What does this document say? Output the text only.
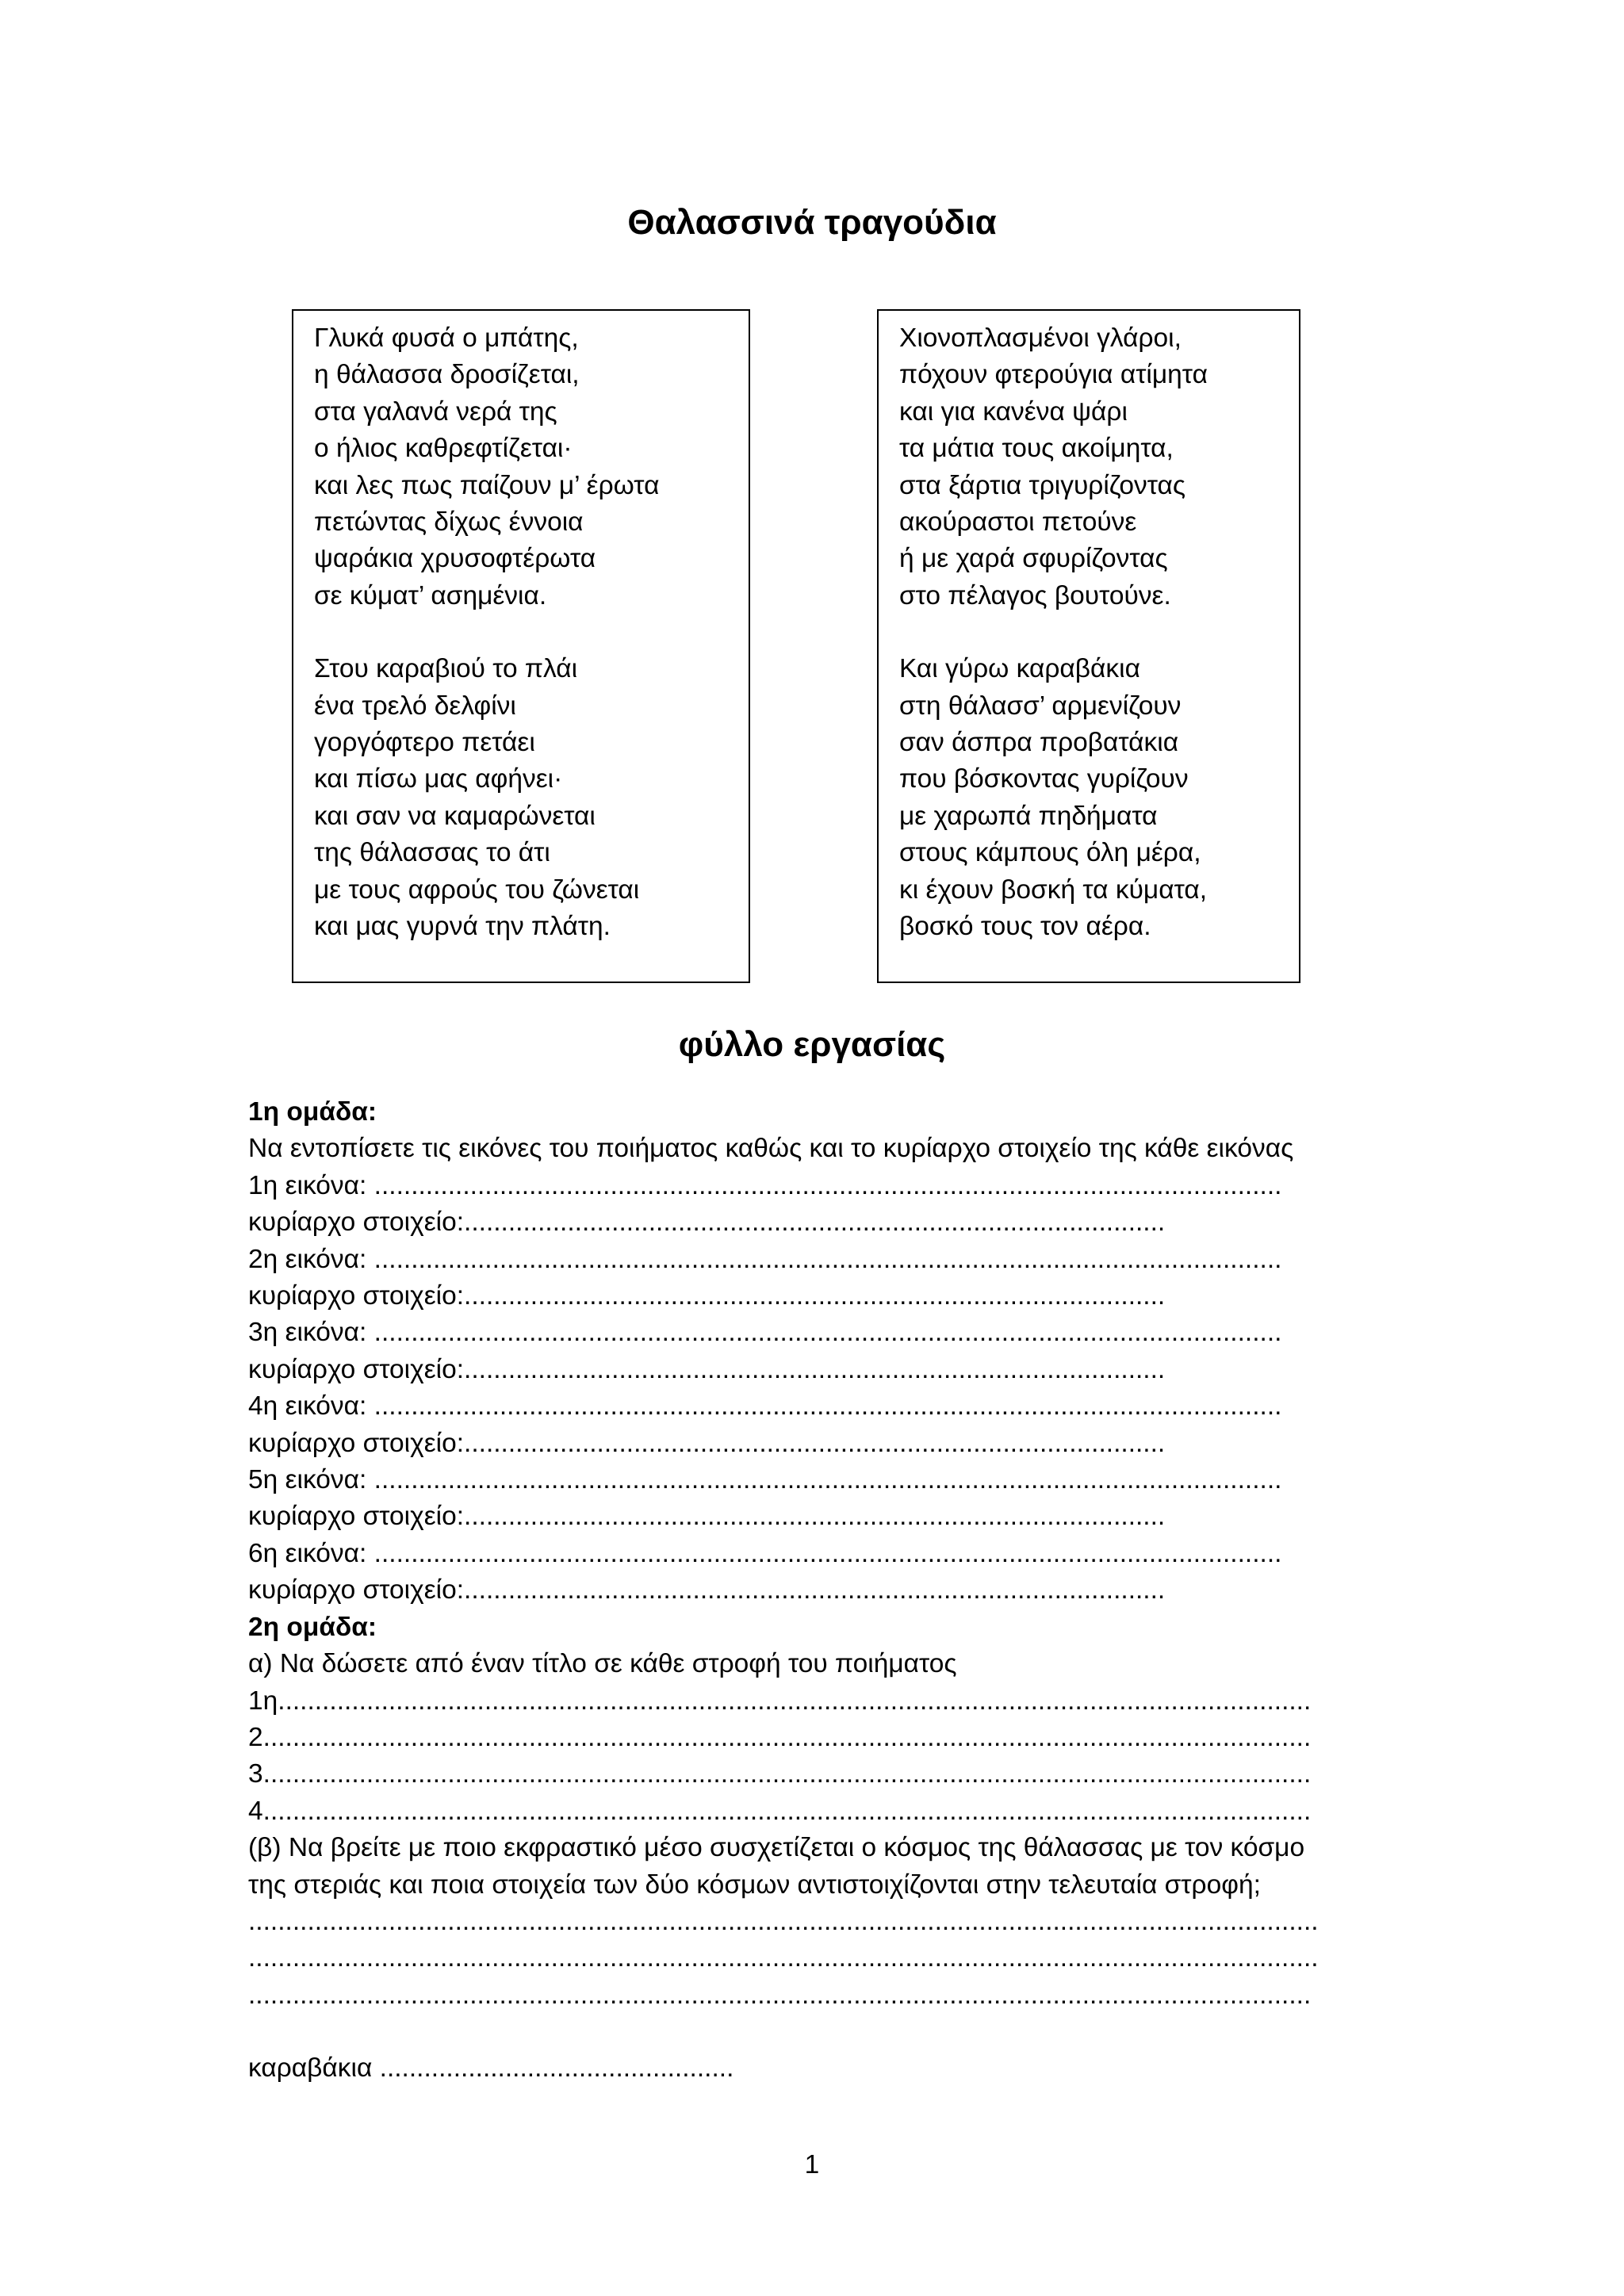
Θαλασσινά τραγούδια

Γλυκά φυσά ο μπάτης,
η θάλασσα δροσίζεται,
στα γαλανά νερά της
ο ήλιος καθρεφτίζεται·
και λες πως παίζουν μ’ έρωτα
πετώντας δίχως έννοια
ψαράκια χρυσοφτέρωτα
σε κύματ’ ασημένια.

Στου καραβιού το πλάι
ένα τρελό δελφίνι
γοργόφτερο πετάει
και πίσω μας αφήνει·
και σαν να καμαρώνεται
της θάλασσας το άτι
με τους αφρούς του ζώνεται
και μας γυρνά την πλάτη.

Χιονοπλασμένοι γλάροι,
πόχουν φτερούγια ατίμητα
και για κανένα ψάρι
τα μάτια τους ακοίμητα,
στα ξάρτια τριγυρίζοντας
ακούραστοι πετούνε
ή με χαρά σφυρίζοντας
στο πέλαγος βουτούνε.

Και γύρω καραβάκια
στη θάλασσ’ αρμενίζουν
σαν άσπρα προβατάκια
που βόσκοντας γυρίζουν
με χαρωπά πηδήματα
στους κάμπους όλη μέρα,
κι έχουν βοσκή τα κύματα,
βοσκό τους τον αέρα.

φύλλο εργασίας
1η ομάδα:
Να εντοπίσετε τις εικόνες του ποιήματος καθώς και το κυρίαρχο στοιχείο της κάθε εικόνας
1η εικόνα: ...........................................................................................................................
κυρίαρχο στοιχείο:...............................................................................................
2η εικόνα: ...........................................................................................................................
κυρίαρχο στοιχείο:...............................................................................................
3η εικόνα: ...........................................................................................................................
κυρίαρχο στοιχείο:...............................................................................................
4η εικόνα: ...........................................................................................................................
κυρίαρχο στοιχείο:...............................................................................................
5η εικόνα: ...........................................................................................................................
κυρίαρχο στοιχείο:...............................................................................................
6η εικόνα: ...........................................................................................................................
κυρίαρχο στοιχείο:...............................................................................................
2η ομάδα:
α) Να δώσετε από έναν τίτλο σε κάθε στροφή του ποιήματος
1η............................................................................................................................................
2..............................................................................................................................................
3..............................................................................................................................................
4..............................................................................................................................................
(β) Να βρείτε με ποιο εκφραστικό μέσο συσχετίζεται ο κόσμος της θάλασσας με τον κόσμο
της στεριάς και ποια στοιχεία των δύο κόσμων αντιστοιχίζονται στην τελευταία στροφή;
.................................................................................................................................................
.................................................................................................................................................
................................................................................................................................................
καραβάκια ................................................
1
